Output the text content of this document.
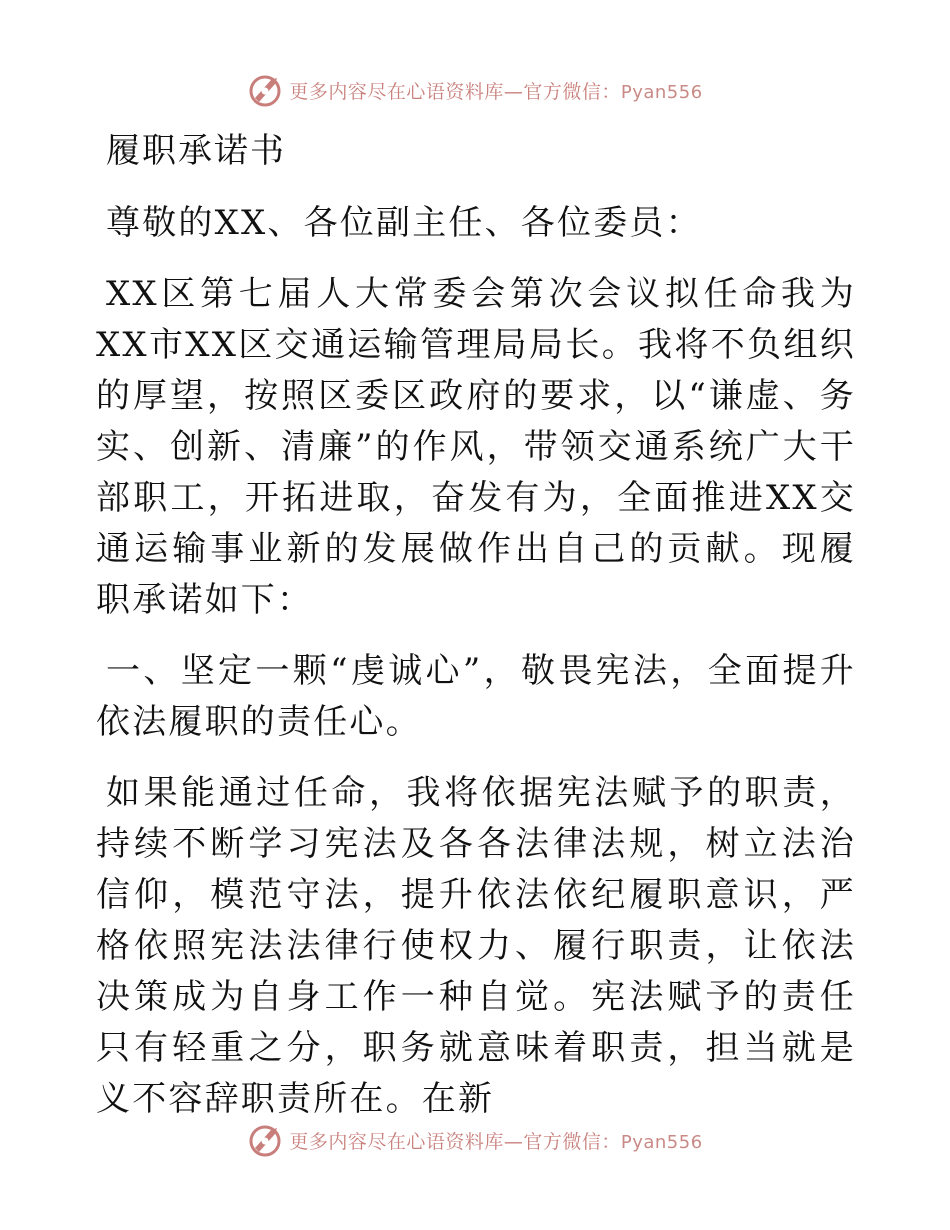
更多内容尽在心语资料库—官方微信：Pyan556
履职承诺书

尊敬的XX、各位副主任、各位委员：

XX区第七届人大常委会第次会议拟任命我为XX市XX区交通运输管理局局长。我将不负组织的厚望，按照区委区政府的要求，以“谦虚、务实、创新、清廉”的作风，带领交通系统广大干部职工，开拓进取，奋发有为，全面推进XX交通运输事业新的发展做作出自己的贡献。现履职承诺如下：

一、坚定一颗“虔诚心”，敬畏宪法，全面提升依法履职的责任心。

如果能通过任命，我将依据宪法赋予的职责，持续不断学习宪法及各各法律法规，树立法治信仰，模范守法，提升依法依纪履职意识，严格依照宪法法律行使权力、履行职责，让依法决策成为自身工作一种自觉。宪法赋予的责任只有轻重之分，职务就意味着职责，担当就是义不容辞职责所在。在新

更多内容尽在心语资料库—官方微信：Pyan556
